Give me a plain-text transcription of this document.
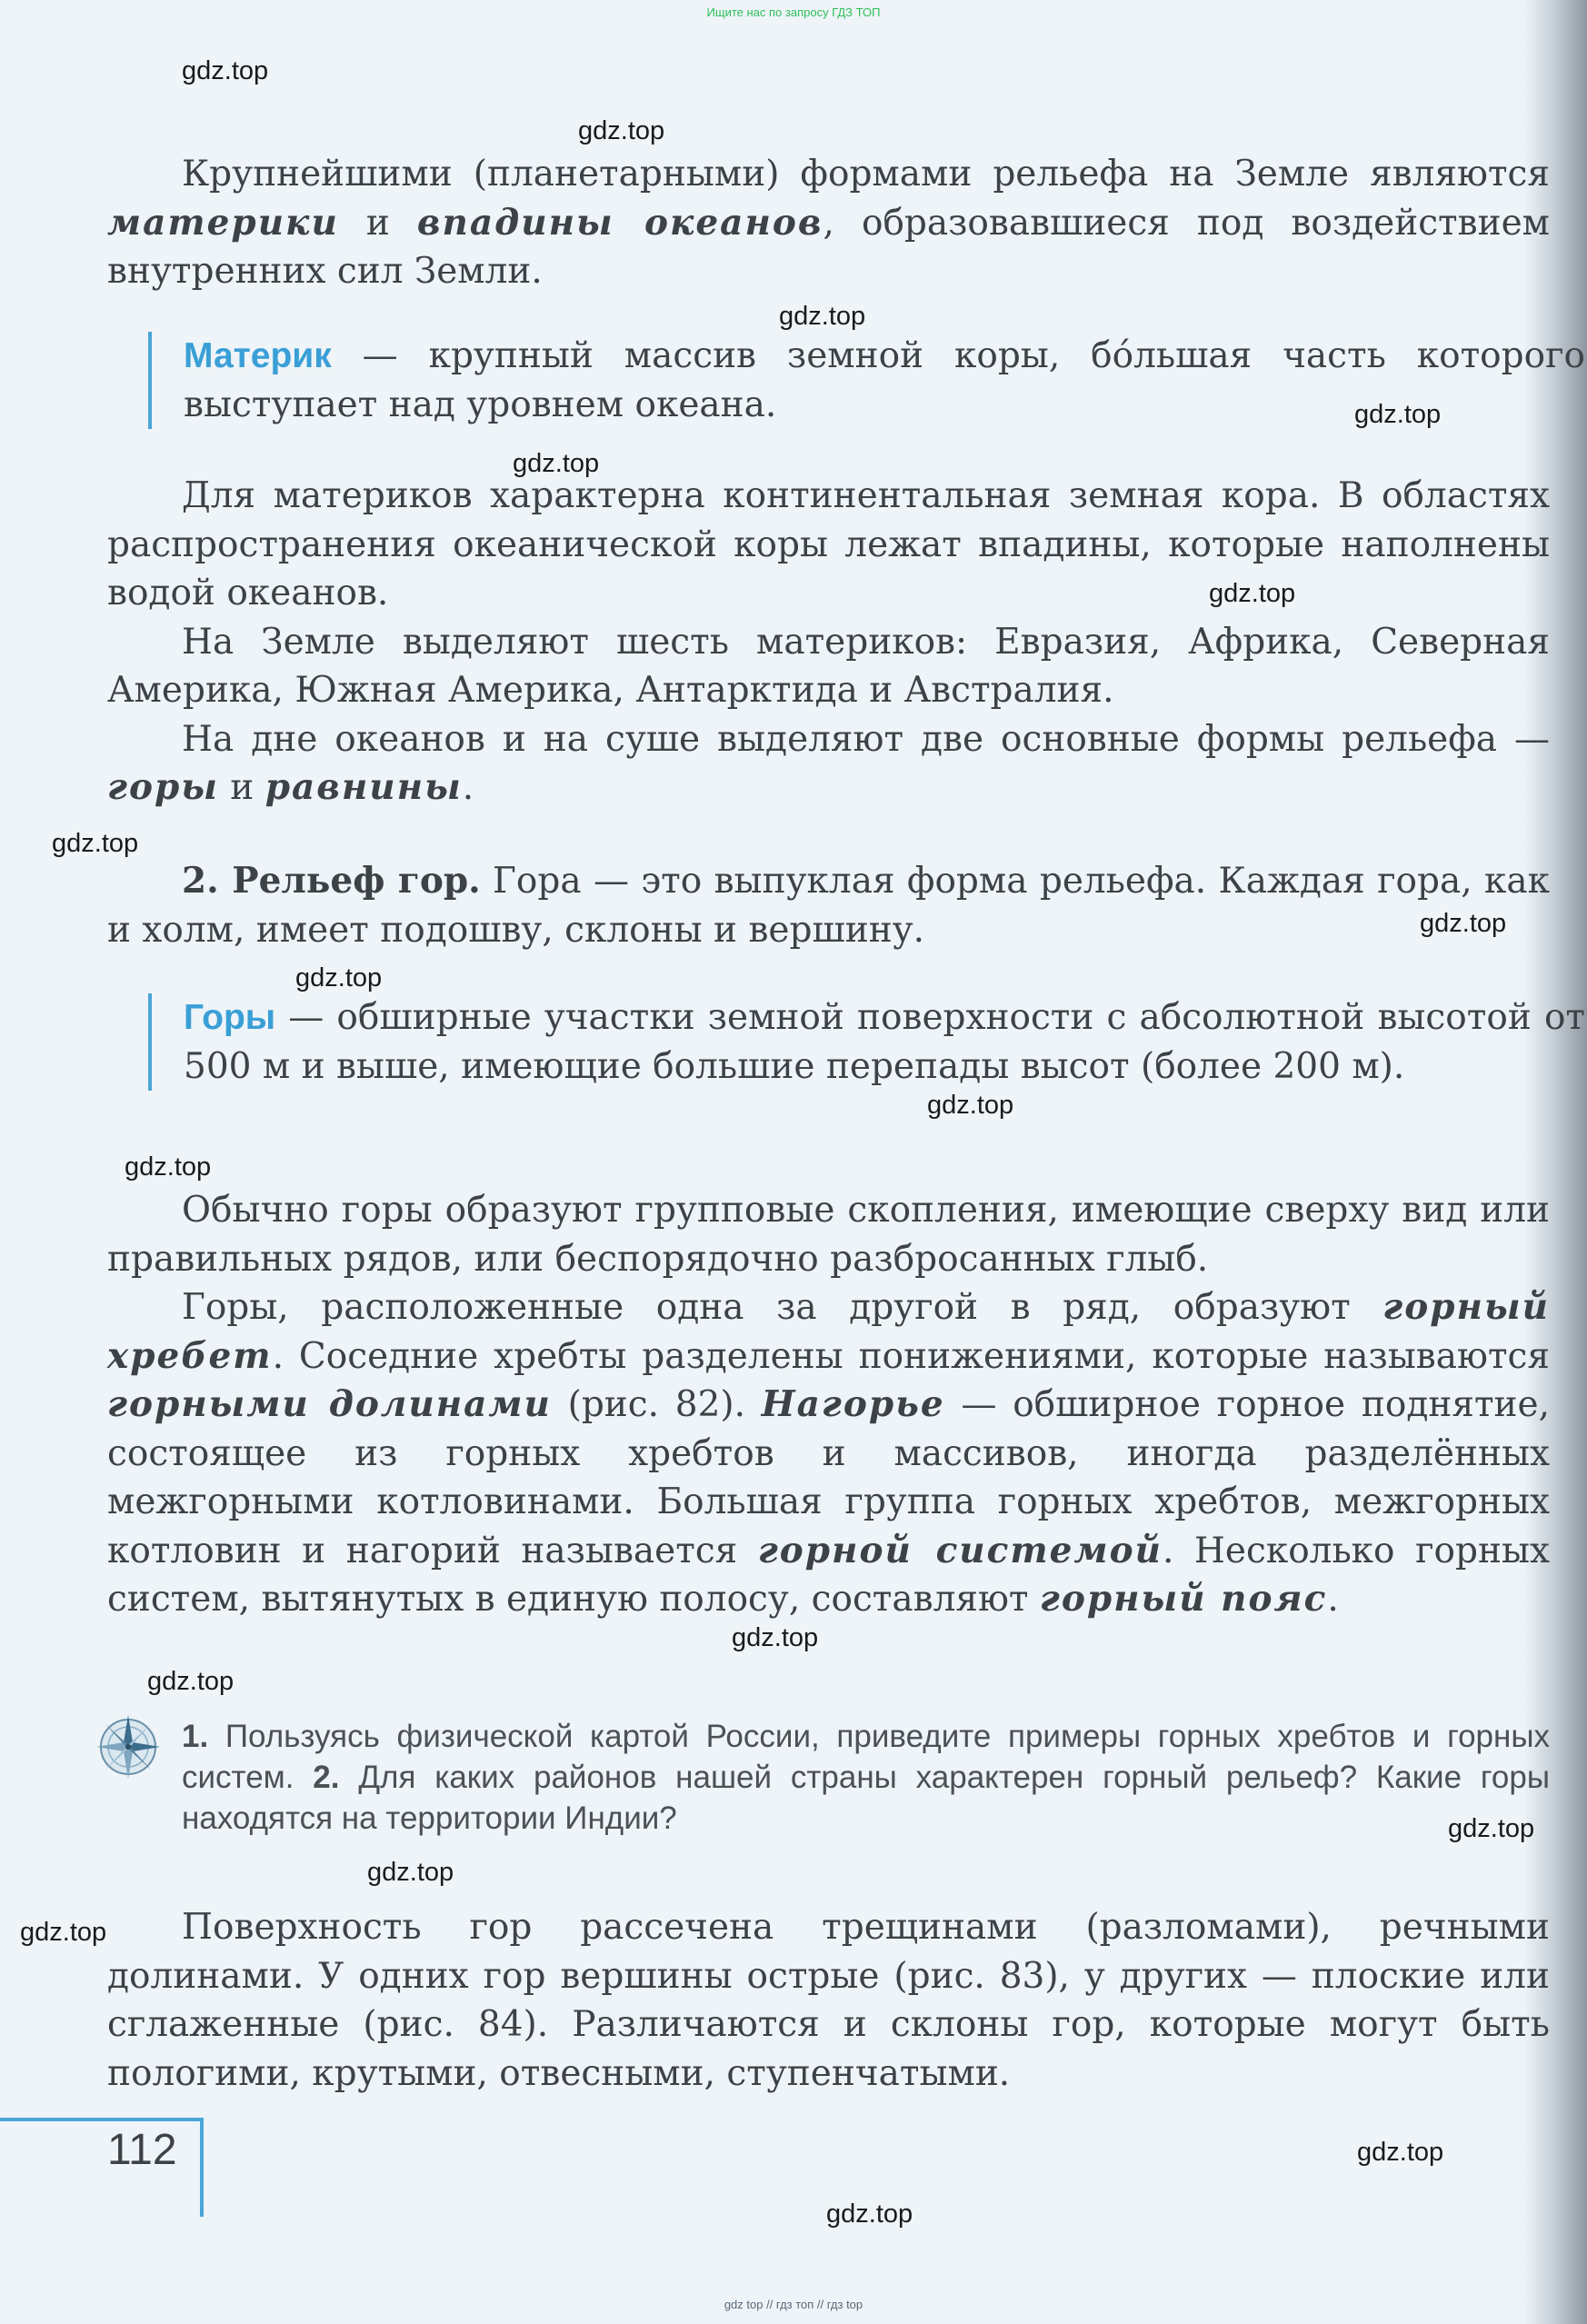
Ищите нас по запросу ГДЗ ТОП
gdz.top
gdz.top
gdz.top
gdz.top
gdz.top
gdz.top
gdz.top
gdz.top
gdz.top
gdz.top
gdz.top
gdz.top
gdz.top
gdz.top
gdz.top
gdz.top
gdz.top
gdz.top

Крупнейшими (планетарными) формами рельефа на Земле являются материки и впадины океанов, образовавшиеся под воздействием внутренних сил Земли.

Материк — крупный массив земной коры, бóльшая часть которого выступает над уровнем океана.

Для материков характерна континентальная земная кора. В областях распространения океанической коры лежат впадины, которые наполнены водой океанов.

На Земле выделяют шесть материков: Евразия, Африка, Северная Америка, Южная Америка, Антарктида и Австралия.

На дне океанов и на суше выделяют две основные формы рельефа — горы и равнины.

2. Рельеф гор. Гора — это выпуклая форма рельефа. Каждая гора, как и холм, имеет подошву, склоны и вершину.

Горы — обширные участки земной поверхности с абсолютной высотой от 500 м и выше, имеющие большие перепады высот (более 200 м).

Обычно горы образуют групповые скопления, имеющие сверху вид или правильных рядов, или беспорядочно разбросанных глыб.

Горы, расположенные одна за другой в ряд, образуют горный хребет. Соседние хребты разделены понижениями, которые называются горными долинами (рис. 82). Нагорье — обширное горное поднятие, состоящее из горных хребтов и массивов, иногда разделённых межгорными котловинами. Большая группа горных хребтов, межгорных котловин и нагорий называется горной системой. Несколько горных систем, вытянутых в единую полосу, составляют горный пояс.

1. Пользуясь физической картой России, приведите примеры горных хребтов и горных систем. 2. Для каких районов нашей страны характерен горный рельеф? Какие горы находятся на территории Индии?

Поверхность гор рассечена трещинами (разломами), речными долинами. У одних гор вершины острые (рис. 83), у других — плоские или сглаженные (рис. 84). Различаются и склоны гор, которые могут быть пологими, крутыми, отвесными, ступенчатыми.

112
gdz top // гдз топ // гдз top
